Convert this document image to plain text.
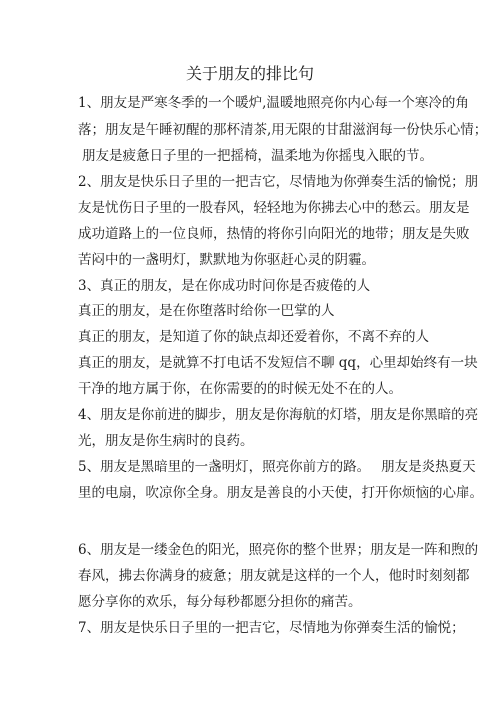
关于朋友的排比句
1、朋友是严寒冬季的一个暖炉,温暖地照亮你内心每一个寒冷的角
落；朋友是午睡初醒的那杯清茶,用无限的甘甜滋润每一份快乐心情；
朋友是疲惫日子里的一把摇椅，温柔地为你摇曳入眠的节。
2、朋友是快乐日子里的一把吉它，尽情地为你弹奏生活的愉悦；朋
友是忧伤日子里的一股春风，轻轻地为你拂去心中的愁云。朋友是
成功道路上的一位良师，热情的将你引向阳光的地带；朋友是失败
苦闷中的一盏明灯，默默地为你驱赶心灵的阴霾。
3、真正的朋友，是在你成功时问你是否疲倦的人
真正的朋友，是在你堕落时给你一巴掌的人
真正的朋友，是知道了你的缺点却还爱着你，不离不弃的人
真正的朋友，是就算不打电话不发短信不聊 qq，心里却始终有一块
干净的地方属于你，在你需要的的时候无处不在的人。
4、朋友是你前进的脚步，朋友是你海航的灯塔，朋友是你黑暗的亮
光，朋友是你生病时的良药。
5、朋友是黑暗里的一盏明灯，照亮你前方的路。　 朋友是炎热夏天
里的电扇，吹凉你全身。朋友是善良的小天使，打开你烦恼的心扉。
6、朋友是一缕金色的阳光，照亮你的整个世界；朋友是一阵和煦的
春风，拂去你满身的疲惫；朋友就是这样的一个人，他时时刻刻都
愿分享你的欢乐，每分每秒都愿分担你的痛苦。
7、朋友是快乐日子里的一把吉它，尽情地为你弹奏生活的愉悦；
